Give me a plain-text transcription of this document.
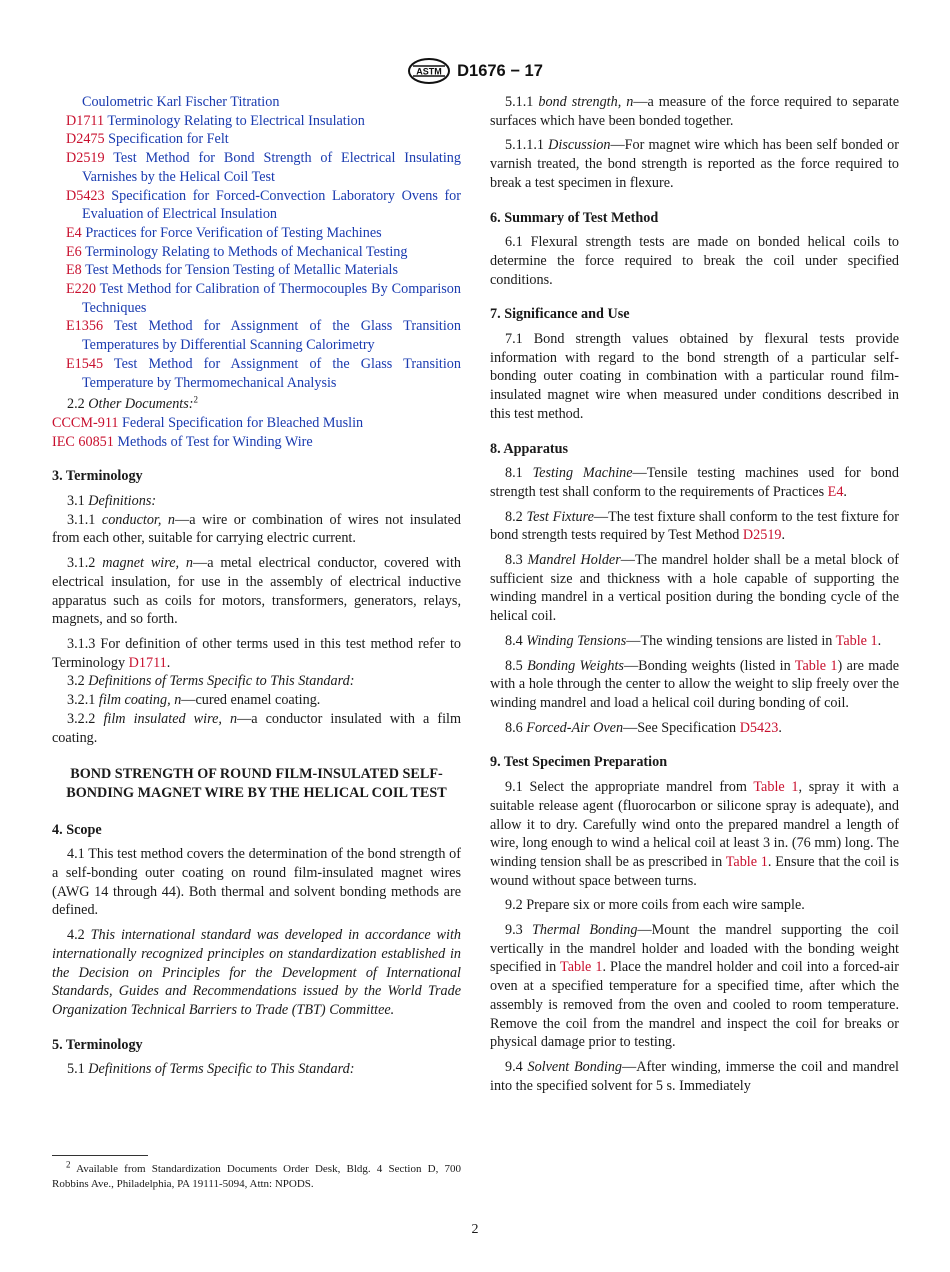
ASTM D1676 − 17

Coulometric Karl Fischer Titration

D1711 Terminology Relating to Electrical Insulation

D2475 Specification for Felt

D2519 Test Method for Bond Strength of Electrical Insulating Varnishes by the Helical Coil Test

D5423 Specification for Forced-Convection Laboratory Ovens for Evaluation of Electrical Insulation

E4 Practices for Force Verification of Testing Machines

E6 Terminology Relating to Methods of Mechanical Testing

E8 Test Methods for Tension Testing of Metallic Materials

E220 Test Method for Calibration of Thermocouples By Comparison Techniques

E1356 Test Method for Assignment of the Glass Transition Temperatures by Differential Scanning Calorimetry

E1545 Test Method for Assignment of the Glass Transition Temperature by Thermomechanical Analysis

2.2 Other Documents:$^2$

CCCM-911 Federal Specification for Bleached Muslin

IEC 60851 Methods of Test for Winding Wire

3. Terminology

3.1 Definitions:

3.1.1 conductor, n—a wire or combination of wires not insulated from each other, suitable for carrying electric current.

3.1.2 magnet wire, n—a metal electrical conductor, covered with electrical insulation, for use in the assembly of electrical inductive apparatus such as coils for motors, transformers, generators, relays, magnets, and so forth.

3.1.3 For definition of other terms used in this test method refer to Terminology D1711.

3.2 Definitions of Terms Specific to This Standard:

3.2.1 film coating, n—cured enamel coating.

3.2.2 film insulated wire, n—a conductor insulated with a film coating.

BOND STRENGTH OF ROUND FILM-INSULATED SELF-BONDING MAGNET WIRE BY THE HELICAL COIL TEST
4. Scope

4.1 This test method covers the determination of the bond strength of a self-bonding outer coating on round film-insulated magnet wires (AWG 14 through 44). Both thermal and solvent bonding methods are defined.

4.2 This international standard was developed in accordance with internationally recognized principles on standardization established in the Decision on Principles for the Development of International Standards, Guides and Recommendations issued by the World Trade Organization Technical Barriers to Trade (TBT) Committee.

5. Terminology

5.1 Definitions of Terms Specific to This Standard:

5.1.1 bond strength, n—a measure of the force required to separate surfaces which have been bonded together.

5.1.1.1 Discussion—For magnet wire which has been self bonded or varnish treated, the bond strength is reported as the force required to break a test specimen in flexure.

6. Summary of Test Method

6.1 Flexural strength tests are made on bonded helical coils to determine the force required to break the coil under specified conditions.

7. Significance and Use

7.1 Bond strength values obtained by flexural tests provide information with regard to the bond strength of a particular self-bonding outer coating in combination with a particular round film-insulated magnet wire when measured under conditions described in this test method.

8. Apparatus

8.1 Testing Machine—Tensile testing machines used for bond strength test shall conform to the requirements of Practices E4.

8.2 Test Fixture—The test fixture shall conform to the test fixture for bond strength tests required by Test Method D2519.

8.3 Mandrel Holder—The mandrel holder shall be a metal block of sufficient size and thickness with a hole capable of supporting the winding mandrel in a vertical position during the bonding cycle of the helical coil.

8.4 Winding Tensions—The winding tensions are listed in Table 1.

8.5 Bonding Weights—Bonding weights (listed in Table 1) are made with a hole through the center to allow the weight to slip freely over the winding mandrel and load a helical coil during bonding of coil.

8.6 Forced-Air Oven—See Specification D5423.

9. Test Specimen Preparation

9.1 Select the appropriate mandrel from Table 1, spray it with a suitable release agent (fluorocarbon or silicone spray is adequate), and allow it to dry. Carefully wind onto the prepared mandrel a length of wire, long enough to wind a helical coil at least 3 in. (76 mm) long. The winding tension shall be as prescribed in Table 1. Ensure that the coil is wound without space between turns.

9.2 Prepare six or more coils from each wire sample.

9.3 Thermal Bonding—Mount the mandrel supporting the coil vertically in the mandrel holder and loaded with the bonding weight specified in Table 1. Place the mandrel holder and coil into a forced-air oven at a specified temperature for a specified time, after which the assembly is removed from the oven and cooled to room temperature. Remove the coil from the mandrel and inspect the coil for breaks or physical damage prior to testing.

9.4 Solvent Bonding—After winding, immerse the coil and mandrel into the specified solvent for 5 s. Immediately

$^2$ Available from Standardization Documents Order Desk, Bldg. 4 Section D, 700 Robbins Ave., Philadelphia, PA 19111-5094, Attn: NPODS.
2
